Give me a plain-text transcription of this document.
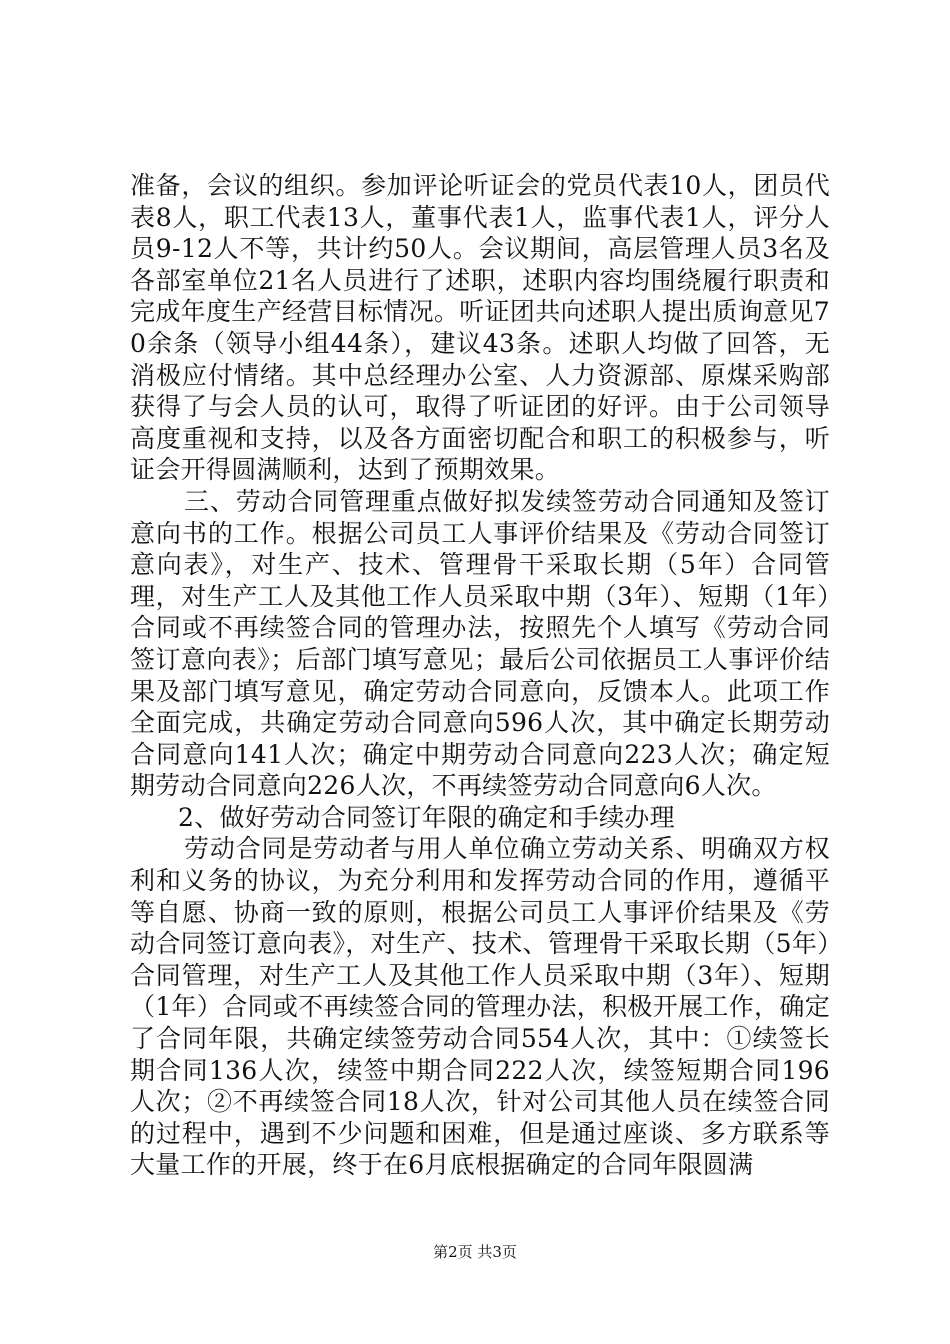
准备，会议的组织。参加评论听证会的党员代表10人，团员代表8人，职工代表13人，董事代表1人，监事代表1人，评分人员9-12人不等，共计约50人。会议期间，高层管理人员3名及各部室单位21名人员进行了述职，述职内容均围绕履行职责和完成年度生产经营目标情况。听证团共向述职人提出质询意见70余条（领导小组44条），建议43条。述职人均做了回答，无消极应付情绪。其中总经理办公室、人力资源部、原煤采购部获得了与会人员的认可，取得了听证团的好评。由于公司领导高度重视和支持，以及各方面密切配合和职工的积极参与，听证会开得圆满顺利，达到了预期效果。

三、劳动合同管理重点做好拟发续签劳动合同通知及签订意向书的工作。根据公司员工人事评价结果及《劳动合同签订意向表》，对生产、技术、管理骨干采取长期（5年）合同管理，对生产工人及其他工作人员采取中期（3年）、短期（1年）合同或不再续签合同的管理办法，按照先个人填写《劳动合同签订意向表》；后部门填写意见；最后公司依据员工人事评价结果及部门填写意见，确定劳动合同意向，反馈本人。此项工作全面完成，共确定劳动合同意向596人次，其中确定长期劳动合同意向141人次；确定中期劳动合同意向223人次；确定短期劳动合同意向226人次，不再续签劳动合同意向6人次。

2、做好劳动合同签订年限的确定和手续办理

劳动合同是劳动者与用人单位确立劳动关系、明确双方权利和义务的协议，为充分利用和发挥劳动合同的作用，遵循平等自愿、协商一致的原则，根据公司员工人事评价结果及《劳动合同签订意向表》，对生产、技术、管理骨干采取长期（5年）合同管理，对生产工人及其他工作人员采取中期（3年）、短期（1年）合同或不再续签合同的管理办法，积极开展工作，确定了合同年限，共确定续签劳动合同554人次，其中：①续签长期合同136人次，续签中期合同222人次，续签短期合同196人次；②不再续签合同18人次，针对公司其他人员在续签合同的过程中，遇到不少问题和困难，但是通过座谈、多方联系等大量工作的开展，终于在6月底根据确定的合同年限圆满

第2页 共3页
